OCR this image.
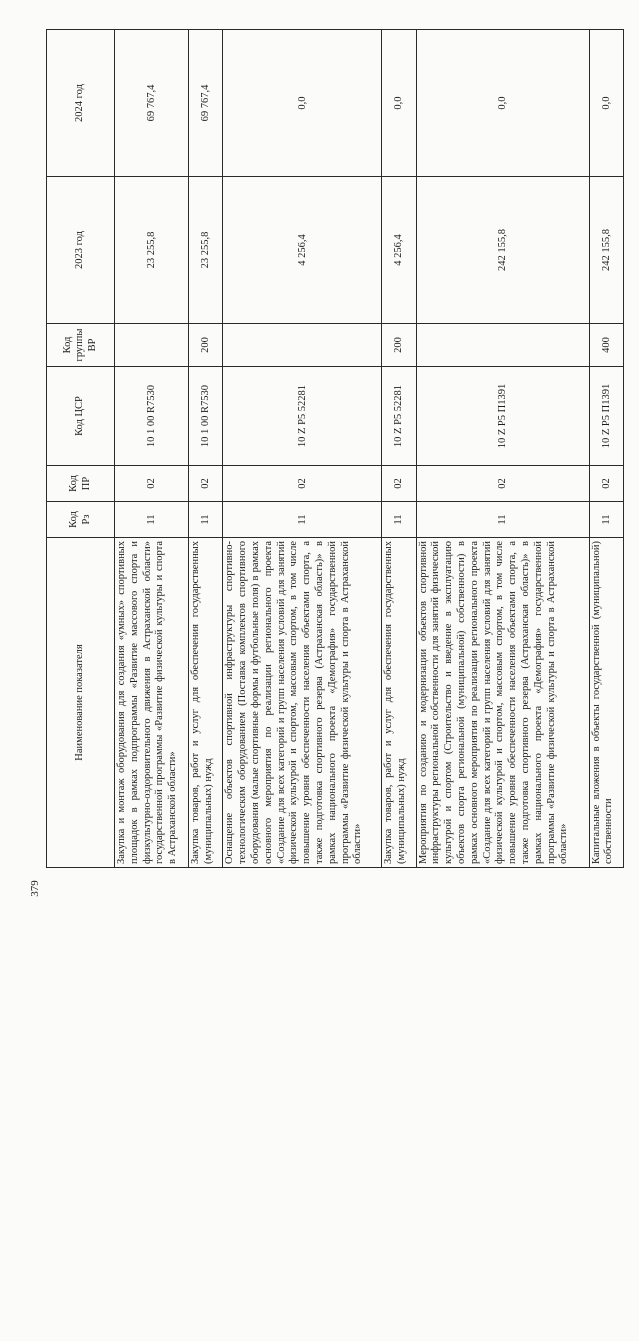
379
Наименование показателя	Код Рз	Код ПР	Код ЦСР	Код группы ВР	2023 год	2024 год
Закупка и монтаж оборудования для создания «умных» спортивных площадок в рамках подпрограммы «Развитие массового спорта и физкультурно-оздоровительного движения в Астраханской области» государственной программы «Развитие физической культуры и спорта в Астраханской области»	11	02	10 1 00 R7530		23 255,8	69 767,4
Закупка товаров, работ и услуг для обеспечения государственных (муниципальных) нужд	11	02	10 1 00 R7530	200	23 255,8	69 767,4
Оснащение объектов спортивной инфраструктуры спортивно-технологическим оборудованием (Поставка комплектов спортивного оборудования (малые спортивные формы и футбольные поля) в рамках основного мероприятия по реализации регионального проекта «Создание для всех категорий и групп населения условий для занятий физической культурой и спортом, массовым спортом, в том числе повышение уровня обеспеченности населения объектами спорта, а также подготовка спортивного резерва (Астраханская область)» в рамках национального проекта «Демография» государственной программы «Развитие физической культуры и спорта в Астраханской области»	11	02	10 Z P5 52281		4 256,4	0,0
Закупка товаров, работ и услуг для обеспечения государственных (муниципальных) нужд	11	02	10 Z P5 52281	200	4 256,4	0,0
Мероприятия по созданию и модернизации объектов спортивной инфраструктуры региональной собственности для занятий физической культурой и спортом (Строительство и введение в эксплуатацию объектов спорта региональной (муниципальной) собственности) в рамках основного мероприятия по реализации регионального проекта «Создание для всех категорий и групп населения условий для занятий физической культурой и спортом, массовым спортом, в том числе повышение уровня обеспеченности населения объектами спорта, а также подготовка спортивного резерва (Астраханская область)» в рамках национального проекта «Демография» государственной программы «Развитие физической культуры и спорта в Астраханской области»	11	02	10 Z P5 П1391		242 155,8	0,0
Капитальные вложения в объекты государственной (муниципальной) собственности	11	02	10 Z P5 П1391	400	242 155,8	0,0
